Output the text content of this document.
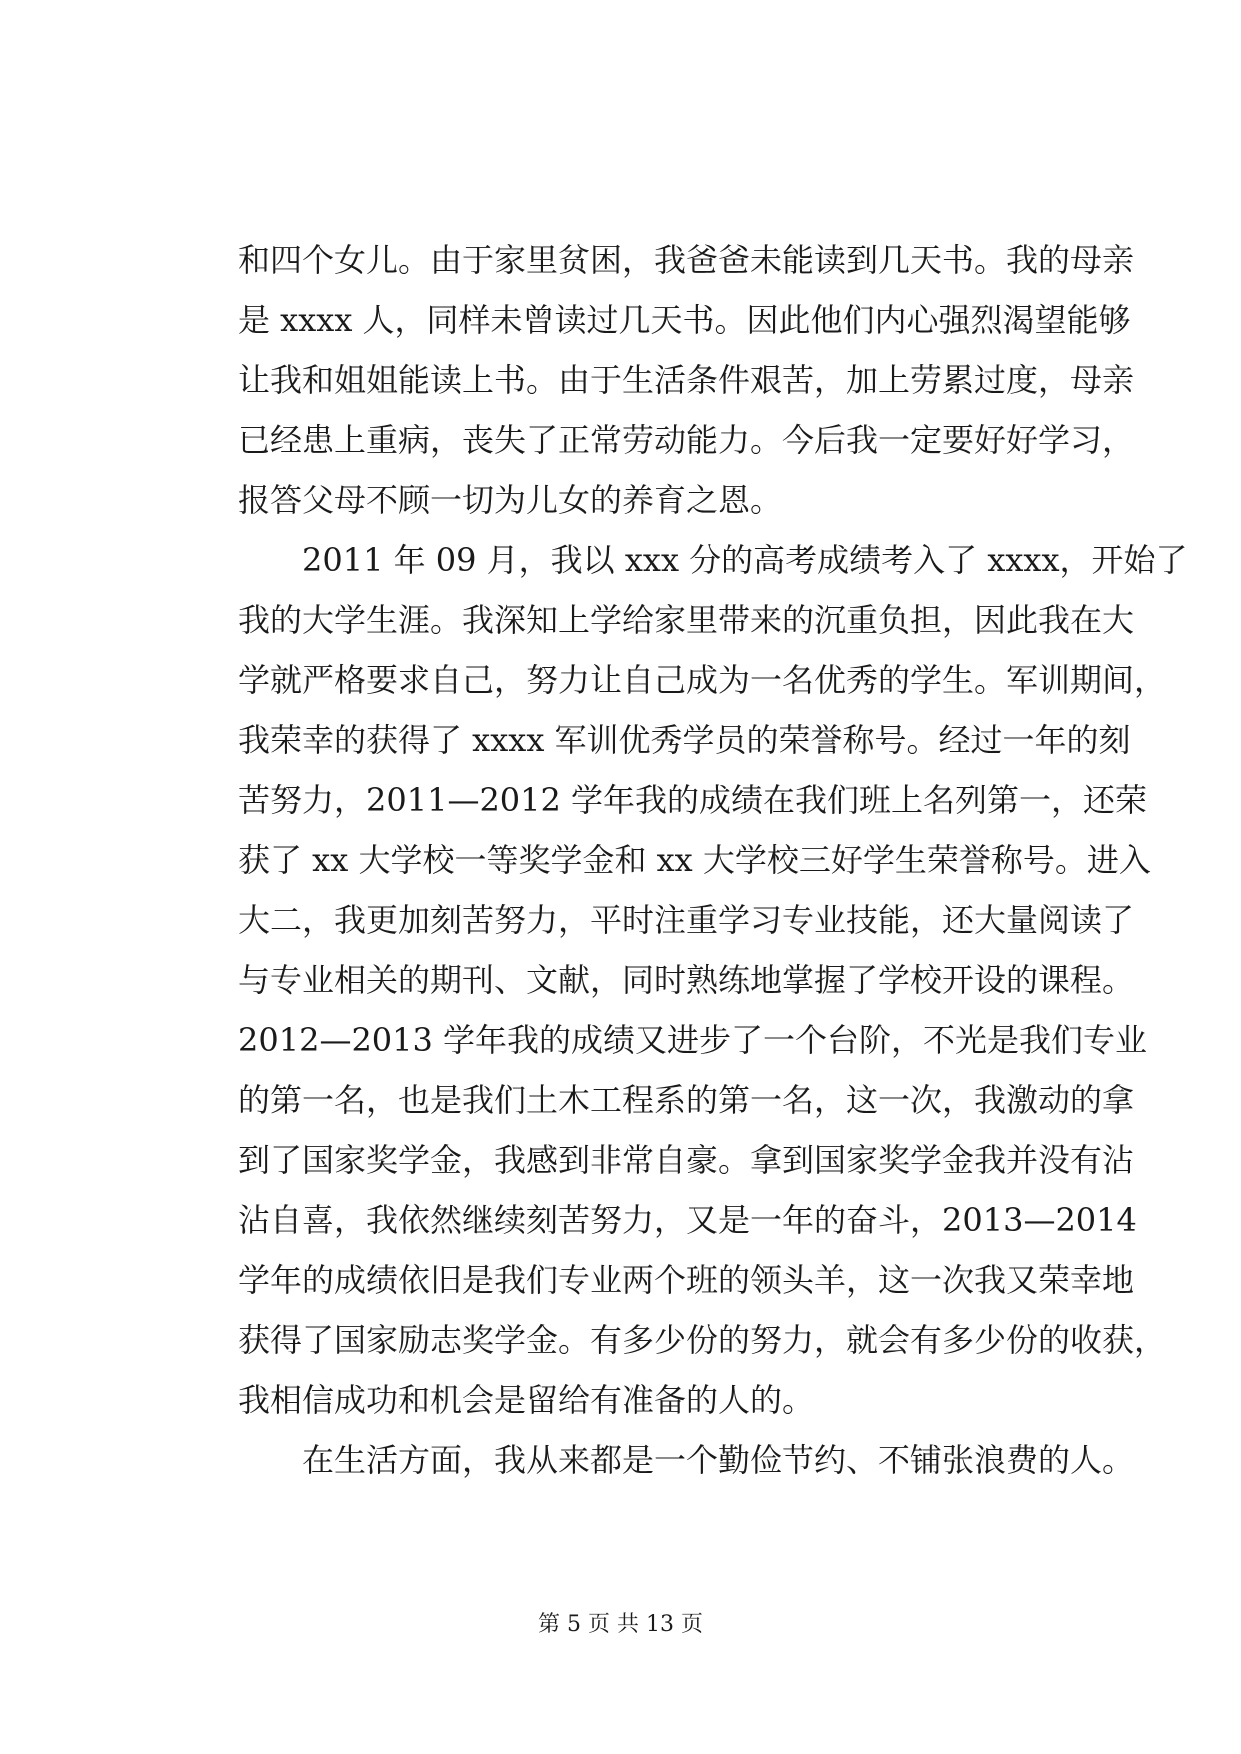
和四个女儿。由于家里贫困，我爸爸未能读到几天书。我的母亲
是 xxxx 人，同样未曾读过几天书。因此他们内心强烈渴望能够
让我和姐姐能读上书。由于生活条件艰苦，加上劳累过度，母亲
已经患上重病，丧失了正常劳动能力。今后我一定要好好学习，
报答父母不顾一切为儿女的养育之恩。
2011 年 09 月，我以 xxx 分的高考成绩考入了 xxxx，开始了
我的大学生涯。我深知上学给家里带来的沉重负担，因此我在大
学就严格要求自己，努力让自己成为一名优秀的学生。军训期间，
我荣幸的获得了 xxxx 军训优秀学员的荣誉称号。经过一年的刻
苦努力，2011—2012 学年我的成绩在我们班上名列第一，还荣
获了 xx 大学校一等奖学金和 xx 大学校三好学生荣誉称号。进入
大二，我更加刻苦努力，平时注重学习专业技能，还大量阅读了
与专业相关的期刊、文献，同时熟练地掌握了学校开设的课程。
2012—2013 学年我的成绩又进步了一个台阶，不光是我们专业
的第一名，也是我们土木工程系的第一名，这一次，我激动的拿
到了国家奖学金，我感到非常自豪。拿到国家奖学金我并没有沾
沾自喜，我依然继续刻苦努力，又是一年的奋斗，2013—2014
学年的成绩依旧是我们专业两个班的领头羊，这一次我又荣幸地
获得了国家励志奖学金。有多少份的努力，就会有多少份的收获，
我相信成功和机会是留给有准备的人的。
在生活方面，我从来都是一个勤俭节约、不铺张浪费的人。
第 5 页 共 13 页
